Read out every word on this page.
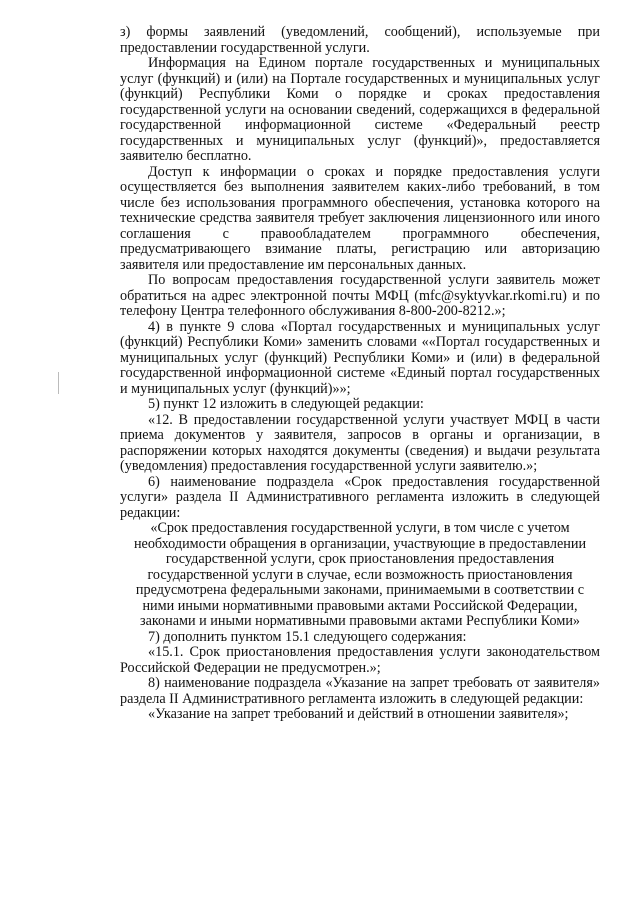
з) формы заявлений (уведомлений, сообщений), используемые при предоставлении государственной услуги.

Информация на Едином портале государственных и муниципальных услуг (функций) и (или) на Портале государственных и муниципальных услуг (функций) Республики Коми о порядке и сроках предоставления государственной услуги на основании сведений, содержащихся в федеральной государственной информационной системе «Федеральный реестр государственных и муниципальных услуг (функций)», предоставляется заявителю бесплатно.

Доступ к информации о сроках и порядке предоставления услуги осуществляется без выполнения заявителем каких-либо требований, в том числе без использования программного обеспечения, установка которого на технические средства заявителя требует заключения лицензионного или иного соглашения с правообладателем программного обеспечения, предусматривающего взимание платы, регистрацию или авторизацию заявителя или предоставление им персональных данных.

По вопросам предоставления государственной услуги заявитель может обратиться на адрес электронной почты МФЦ (mfc@syktyvkar.rkomi.ru) и по телефону Центра телефонного обслуживания 8-800-200-8212.»;

4) в пункте 9 слова «Портал государственных и муниципальных услуг (функций) Республики Коми» заменить словами ««Портал государственных и муниципальных услуг (функций) Республики Коми» и (или) в федеральной государственной информационной системе «Единый портал государственных и муниципальных услуг (функций)»»;

5) пункт 12 изложить в следующей редакции:

«12. В предоставлении государственной услуги участвует МФЦ в части приема документов у заявителя, запросов в органы и организации, в распоряжении которых находятся документы (сведения) и выдачи результата (уведомления) предоставления государственной услуги заявителю.»;

6) наименование подраздела «Срок предоставления государственной услуги» раздела II Административного регламента изложить в следующей редакции:

«Срок предоставления государственной услуги, в том числе с учетом необходимости обращения в организации, участвующие в предоставлении государственной услуги, срок приостановления предоставления государственной услуги в случае, если возможность приостановления предусмотрена федеральными законами, принимаемыми в соответствии с ними иными нормативными правовыми актами Российской Федерации, законами и иными нормативными правовыми актами Республики Коми»

7) дополнить пунктом 15.1 следующего содержания:

«15.1. Срок приостановления предоставления услуги законодательством Российской Федерации не предусмотрен.»;

8) наименование подраздела «Указание на запрет требовать от заявителя» раздела II Административного регламента изложить в следующей редакции:

«Указание на запрет требований и действий в отношении заявителя»;
